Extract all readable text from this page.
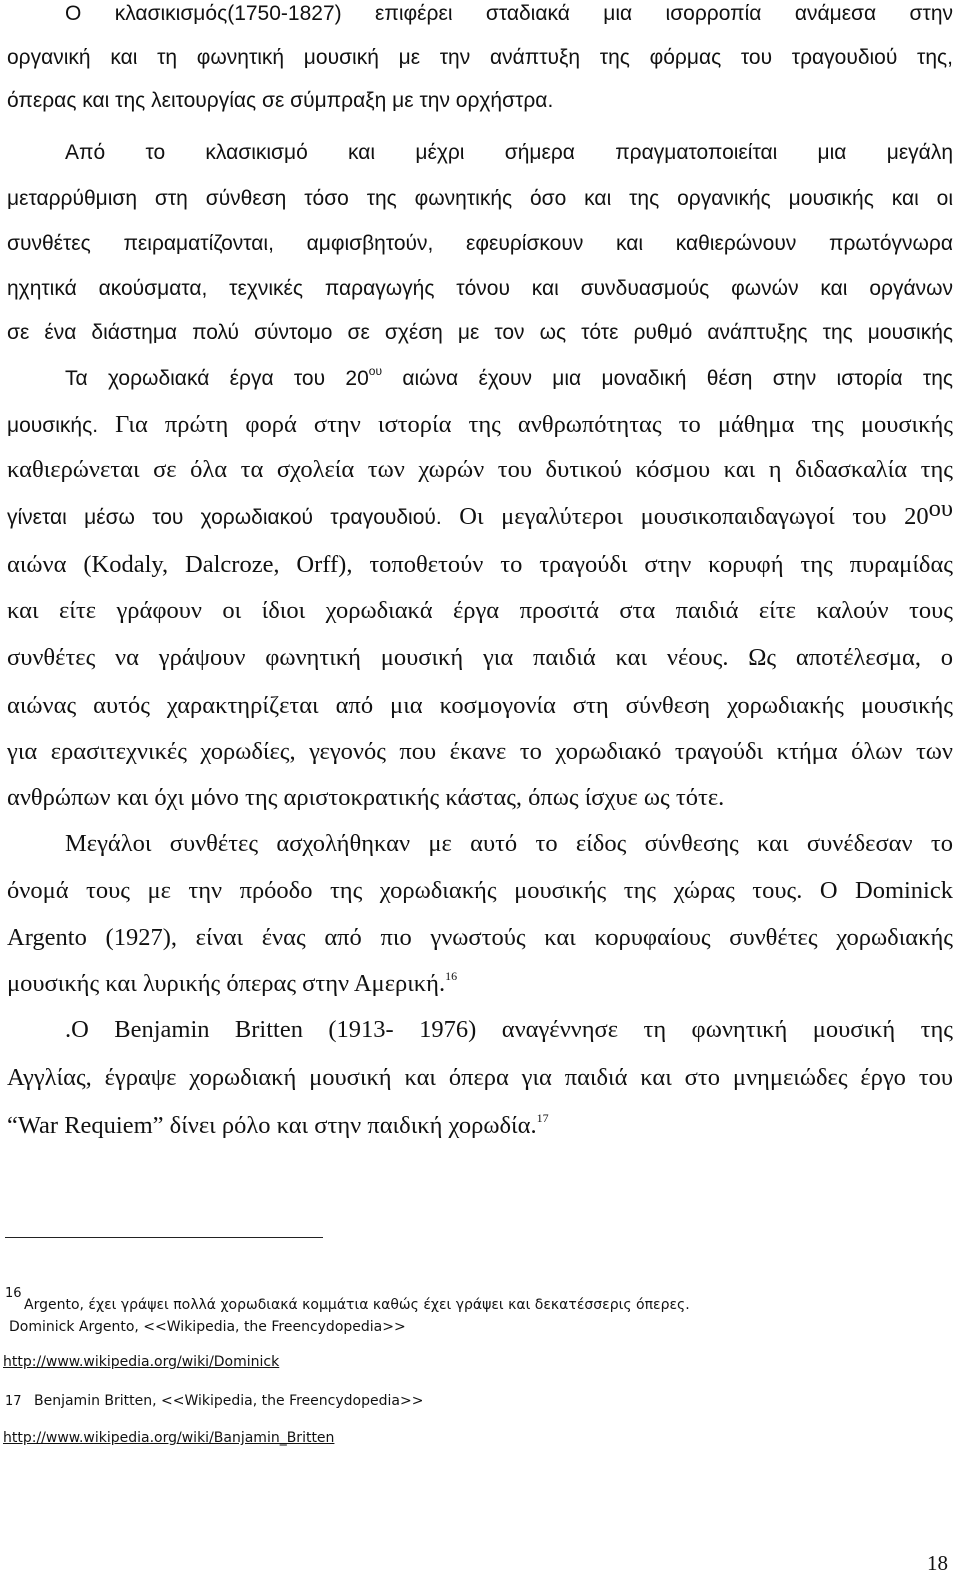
Ο κλασικισμός(1750-1827) επιφέρει σταδιακά μια ισορροπία ανάμεσα στην
οργανική και τη φωνητική μουσική με την ανάπτυξη της φόρμας του τραγουδιού της,
όπερας και της λειτουργίας σε σύμπραξη με την ορχήστρα.
Από το κλασικισμό και μέχρι σήμερα πραγματοποιείται μια μεγάλη
μεταρρύθμιση στη σύνθεση τόσο της φωνητικής όσο και της οργανικής μουσικής και οι
συνθέτες πειραματίζονται, αμφισβητούν, εφευρίσκουν και καθιερώνουν πρωτόγνωρα
ηχητικά ακούσματα, τεχνικές παραγωγής τόνου και συνδυασμούς φωνών και οργάνων
σε ένα διάστημα πολύ σύντομο σε σχέση με τον ως τότε ρυθμό ανάπτυξης της μουσικής
Τα χορωδιακά έργα του $20^{o\upsilon}$ αιώνα έχουν μια μοναδική θέση στην ιστορία της
μουσικής. Για πρώτη φορά στην ιστορία της ανθρωπότητας το μάθημα της μουσικής
καθιερώνεται σε όλα τα σχολεία των χωρών του δυτικού κόσμου και η διδασκαλία της
γίνεται μέσω του χορωδιακού τραγουδιού. Οι μεγαλύτεροι μουσικοπαιδαγωγοί του $20^{o\upsilon}$
αιώνα (Kodaly, Dalcroze, Orff), τοποθετούν το τραγούδι στην κορυφή της πυραμίδας
και είτε γράφουν οι ίδιοι χορωδιακά έργα προσιτά στα παιδιά είτε καλούν τους
συνθέτες να γράψουν φωνητική μουσική για παιδιά και νέους. Ως αποτέλεσμα, ο
αιώνας αυτός χαρακτηρίζεται από μια κοσμογονία στη σύνθεση χορωδιακής μουσικής
για ερασιτεχνικές χορωδίες, γεγονός που έκανε το χορωδιακό τραγούδι κτήμα όλων των
ανθρώπων και όχι μόνο της αριστοκρατικής κάστας, όπως ίσχυε ως τότε.
Μεγάλοι συνθέτες ασχολήθηκαν με αυτό το είδος σύνθεσης και συνέδεσαν το
όνομά τους με την πρόοδο της χορωδιακής μουσικής της χώρας τους. Ο Dominick
Argento (1927), είναι ένας από πιο γνωστούς και κορυφαίους συνθέτες χορωδιακής
μουσικής και λυρικής όπερας στην Αμερική.$^{16}$
.Ο Benjamin Britten (1913- 1976) αναγέννησε τη φωνητική μουσική της
Αγγλίας, έγραψε χορωδιακή μουσική και όπερα για παιδιά και στο μνημειώδες έργο του
“War Requiem” δίνει ρόλο και στην παιδική χορωδία.$^{17}$
16
Argento, έχει γράψει πολλά χορωδιακά κομμάτια καθώς έχει γράψει και δεκατέσσερις όπερες.
Dominick Argento, <<Wikipedia, the Freencydopedia>>
http://www.wikipedia.org/wiki/Dominick
17 Benjamin Britten, <<Wikipedia, the Freencydopedia>>
http://www.wikipedia.org/wiki/Banjamin_Britten
18
